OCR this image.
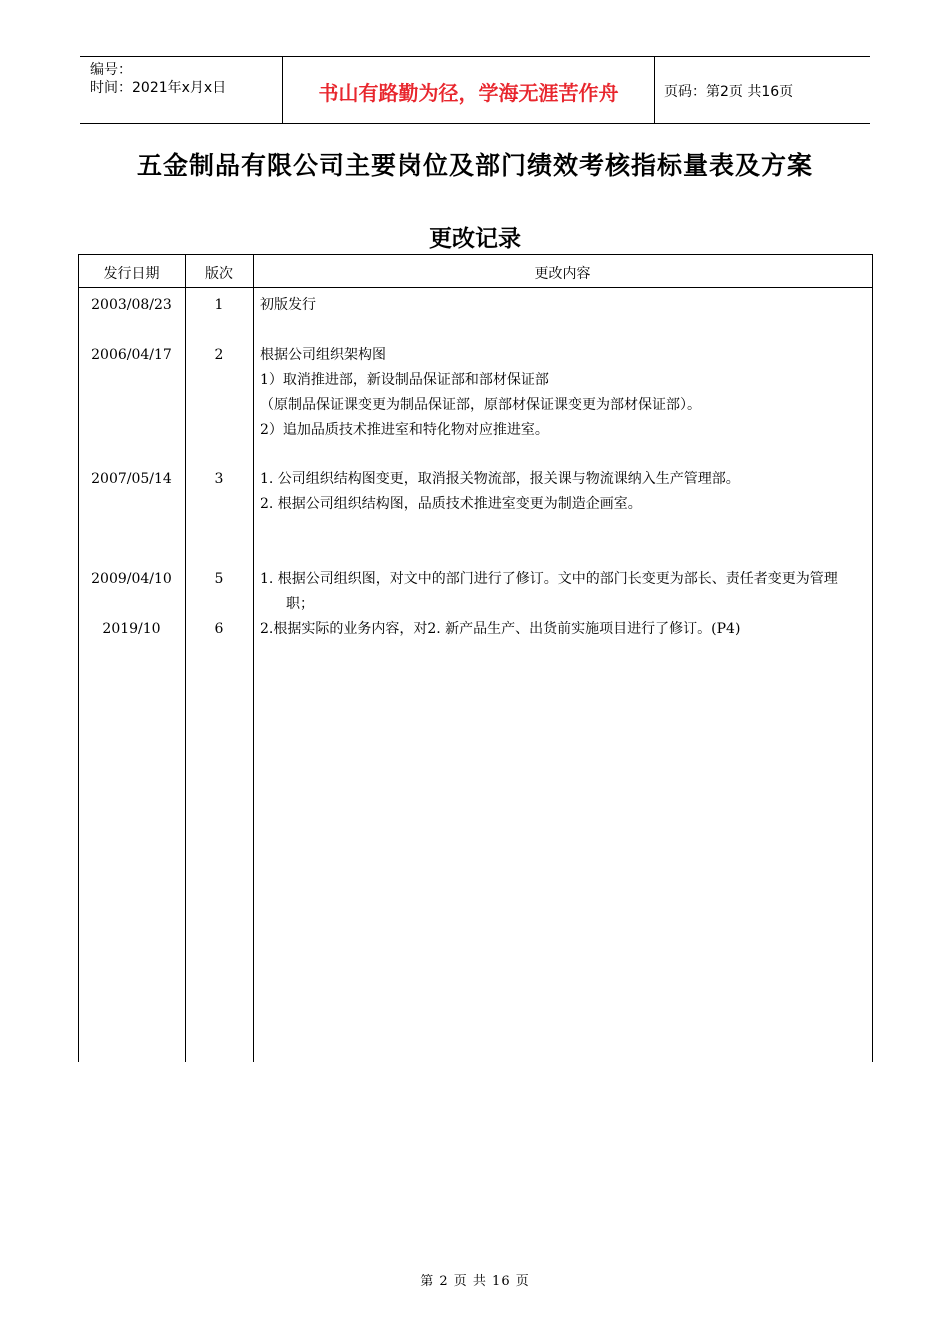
编号：
时间：2021年x月x日	书山有路勤为径，学海无涯苦作舟	页码：第2页 共16页
五金制品有限公司主要岗位及部门绩效考核指标量表及方案
更改记录
发行日期	版次	更改内容
2003/08/23	1	初版发行
2006/04/17	2	根据公司组织架构图
1）取消推进部，新设制品保证部和部材保证部
（原制品保证课变更为制品保证部，原部材保证课变更为部材保证部）。
2）追加品质技术推进室和特化物对应推进室。
2007/05/14	3	1. 公司组织结构图变更，取消报关物流部，报关课与物流课纳入生产管理部。
2. 根据公司组织结构图，品质技术推进室变更为制造企画室。
2009/04/10	5	1. 根据公司组织图，对文中的部门进行了修订。文中的部门长变更为部长、责任者变更为管理职；
2019/10	6	2.根据实际的业务内容，对2. 新产品生产、出货前实施项目进行了修订。(P4)
第 2 页 共 16 页
